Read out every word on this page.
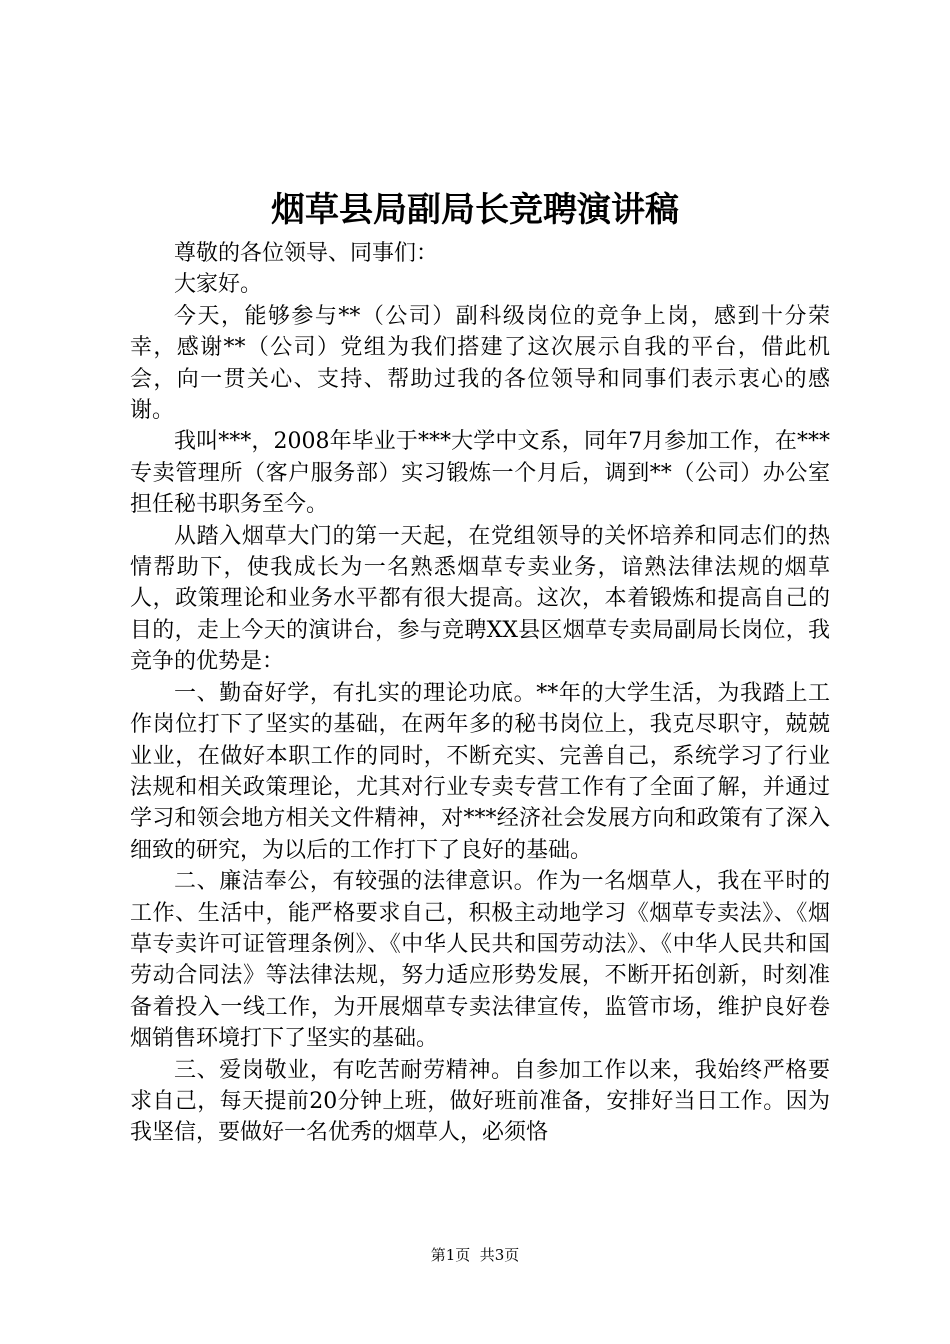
烟草县局副局长竞聘演讲稿

尊敬的各位领导、同事们：

大家好。

今天，能够参与**（公司）副科级岗位的竞争上岗，感到十分荣幸，感谢**（公司）党组为我们搭建了这次展示自我的平台，借此机会，向一贯关心、支持、帮助过我的各位领导和同事们表示衷心的感谢。

我叫***，2008年毕业于***大学中文系，同年7月参加工作，在***专卖管理所（客户服务部）实习锻炼一个月后，调到**（公司）办公室担任秘书职务至今。

从踏入烟草大门的第一天起，在党组领导的关怀培养和同志们的热情帮助下，使我成长为一名熟悉烟草专卖业务，谙熟法律法规的烟草人，政策理论和业务水平都有很大提高。这次，本着锻炼和提高自己的目的，走上今天的演讲台，参与竞聘XX县区烟草专卖局副局长岗位，我竞争的优势是：

一、勤奋好学，有扎实的理论功底。**年的大学生活，为我踏上工作岗位打下了坚实的基础，在两年多的秘书岗位上，我克尽职守，兢兢业业，在做好本职工作的同时，不断充实、完善自己，系统学习了行业法规和相关政策理论，尤其对行业专卖专营工作有了全面了解，并通过学习和领会地方相关文件精神，对***经济社会发展方向和政策有了深入细致的研究，为以后的工作打下了良好的基础。

二、廉洁奉公，有较强的法律意识。作为一名烟草人，我在平时的工作、生活中，能严格要求自己，积极主动地学习《烟草专卖法》、《烟草专卖许可证管理条例》、《中华人民共和国劳动法》、《中华人民共和国劳动合同法》等法律法规，努力适应形势发展，不断开拓创新，时刻准备着投入一线工作，为开展烟草专卖法律宣传，监管市场，维护良好卷烟销售环境打下了坚实的基础。

三、爱岗敬业，有吃苦耐劳精神。自参加工作以来，我始终严格要求自己，每天提前20分钟上班，做好班前准备，安排好当日工作。因为我坚信，要做好一名优秀的烟草人，必须恪

第1页  共3页
